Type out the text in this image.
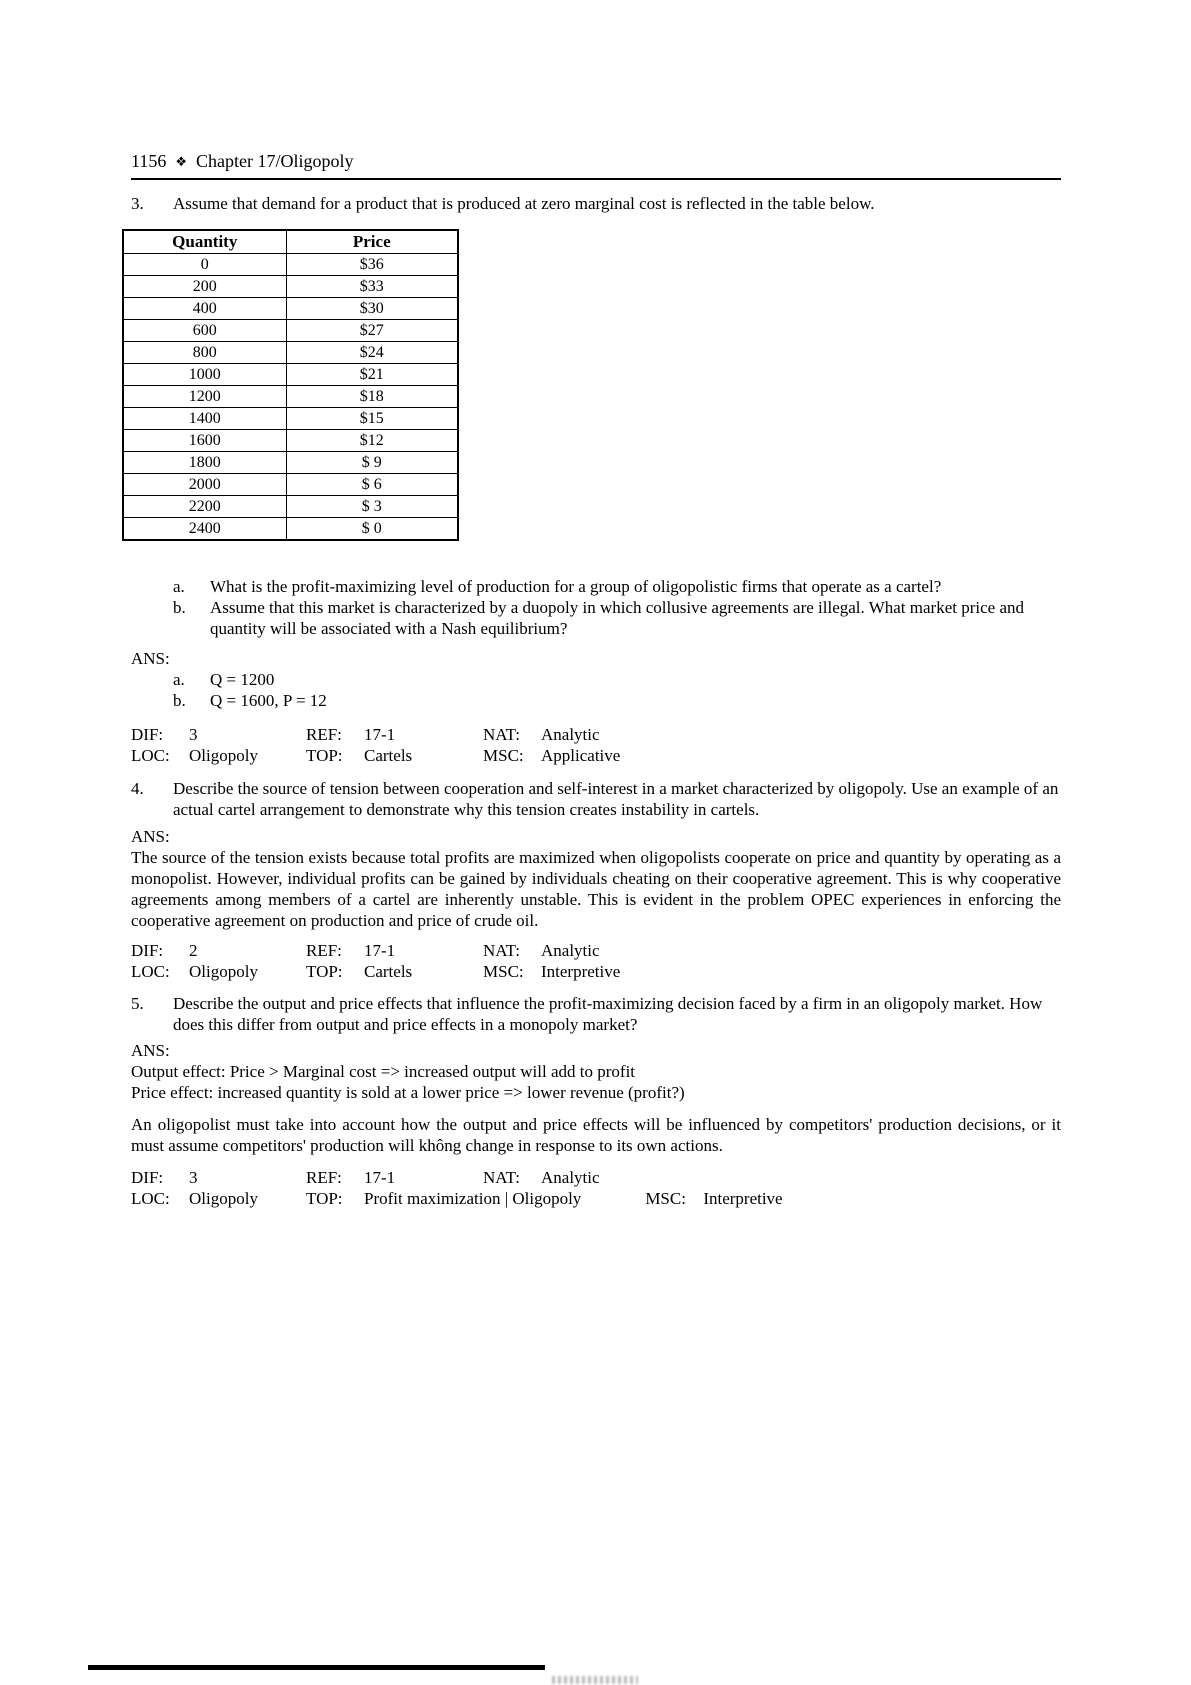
1156 ❖ Chapter 17/Oligopoly
3.	Assume that demand for a product that is produced at zero marginal cost is reflected in the table below.
Quantity	Price
0	$36
200	$33
400	$30
600	$27
800	$24
1000	$21
1200	$18
1400	$15
1600	$12
1800	$ 9
2000	$ 6
2200	$ 3
2400	$ 0
a.	What is the profit-maximizing level of production for a group of oligopolistic firms that operate as a cartel?
b.	Assume that this market is characterized by a duopoly in which collusive agreements are illegal. What market price and quantity will be associated with a Nash equilibrium?
ANS:
a.	Q = 1200
b.	Q = 1600, P = 12
DIF:	3	REF:	17-1	NAT:	Analytic
LOC:	Oligopoly	TOP:	Cartels	MSC:	Applicative
4.	Describe the source of tension between cooperation and self-interest in a market characterized by oligopoly. Use an example of an actual cartel arrangement to demonstrate why this tension creates instability in cartels.
ANS:
The source of the tension exists because total profits are maximized when oligopolists cooperate on price and quantity by operating as a monopolist. However, individual profits can be gained by individuals cheating on their cooperative agreement. This is why cooperative agreements among members of a cartel are inherently unstable. This is evident in the problem OPEC experiences in enforcing the cooperative agreement on production and price of crude oil.
DIF:	2	REF:	17-1	NAT:	Analytic
LOC:	Oligopoly	TOP:	Cartels	MSC:	Interpretive
5.	Describe the output and price effects that influence the profit-maximizing decision faced by a firm in an oligopoly market. How does this differ from output and price effects in a monopoly market?
ANS:
Output effect: Price > Marginal cost => increased output will add to profit
Price effect: increased quantity is sold at a lower price => lower revenue (profit?)
An oligopolist must take into account how the output and price effects will be influenced by competitors' production decisions, or it must assume competitors' production will không change in response to its own actions.
DIF:	3	REF:	17-1	NAT:	Analytic
LOC:	Oligopoly	TOP:	Profit maximization | Oligopoly	MSC:	Interpretive
